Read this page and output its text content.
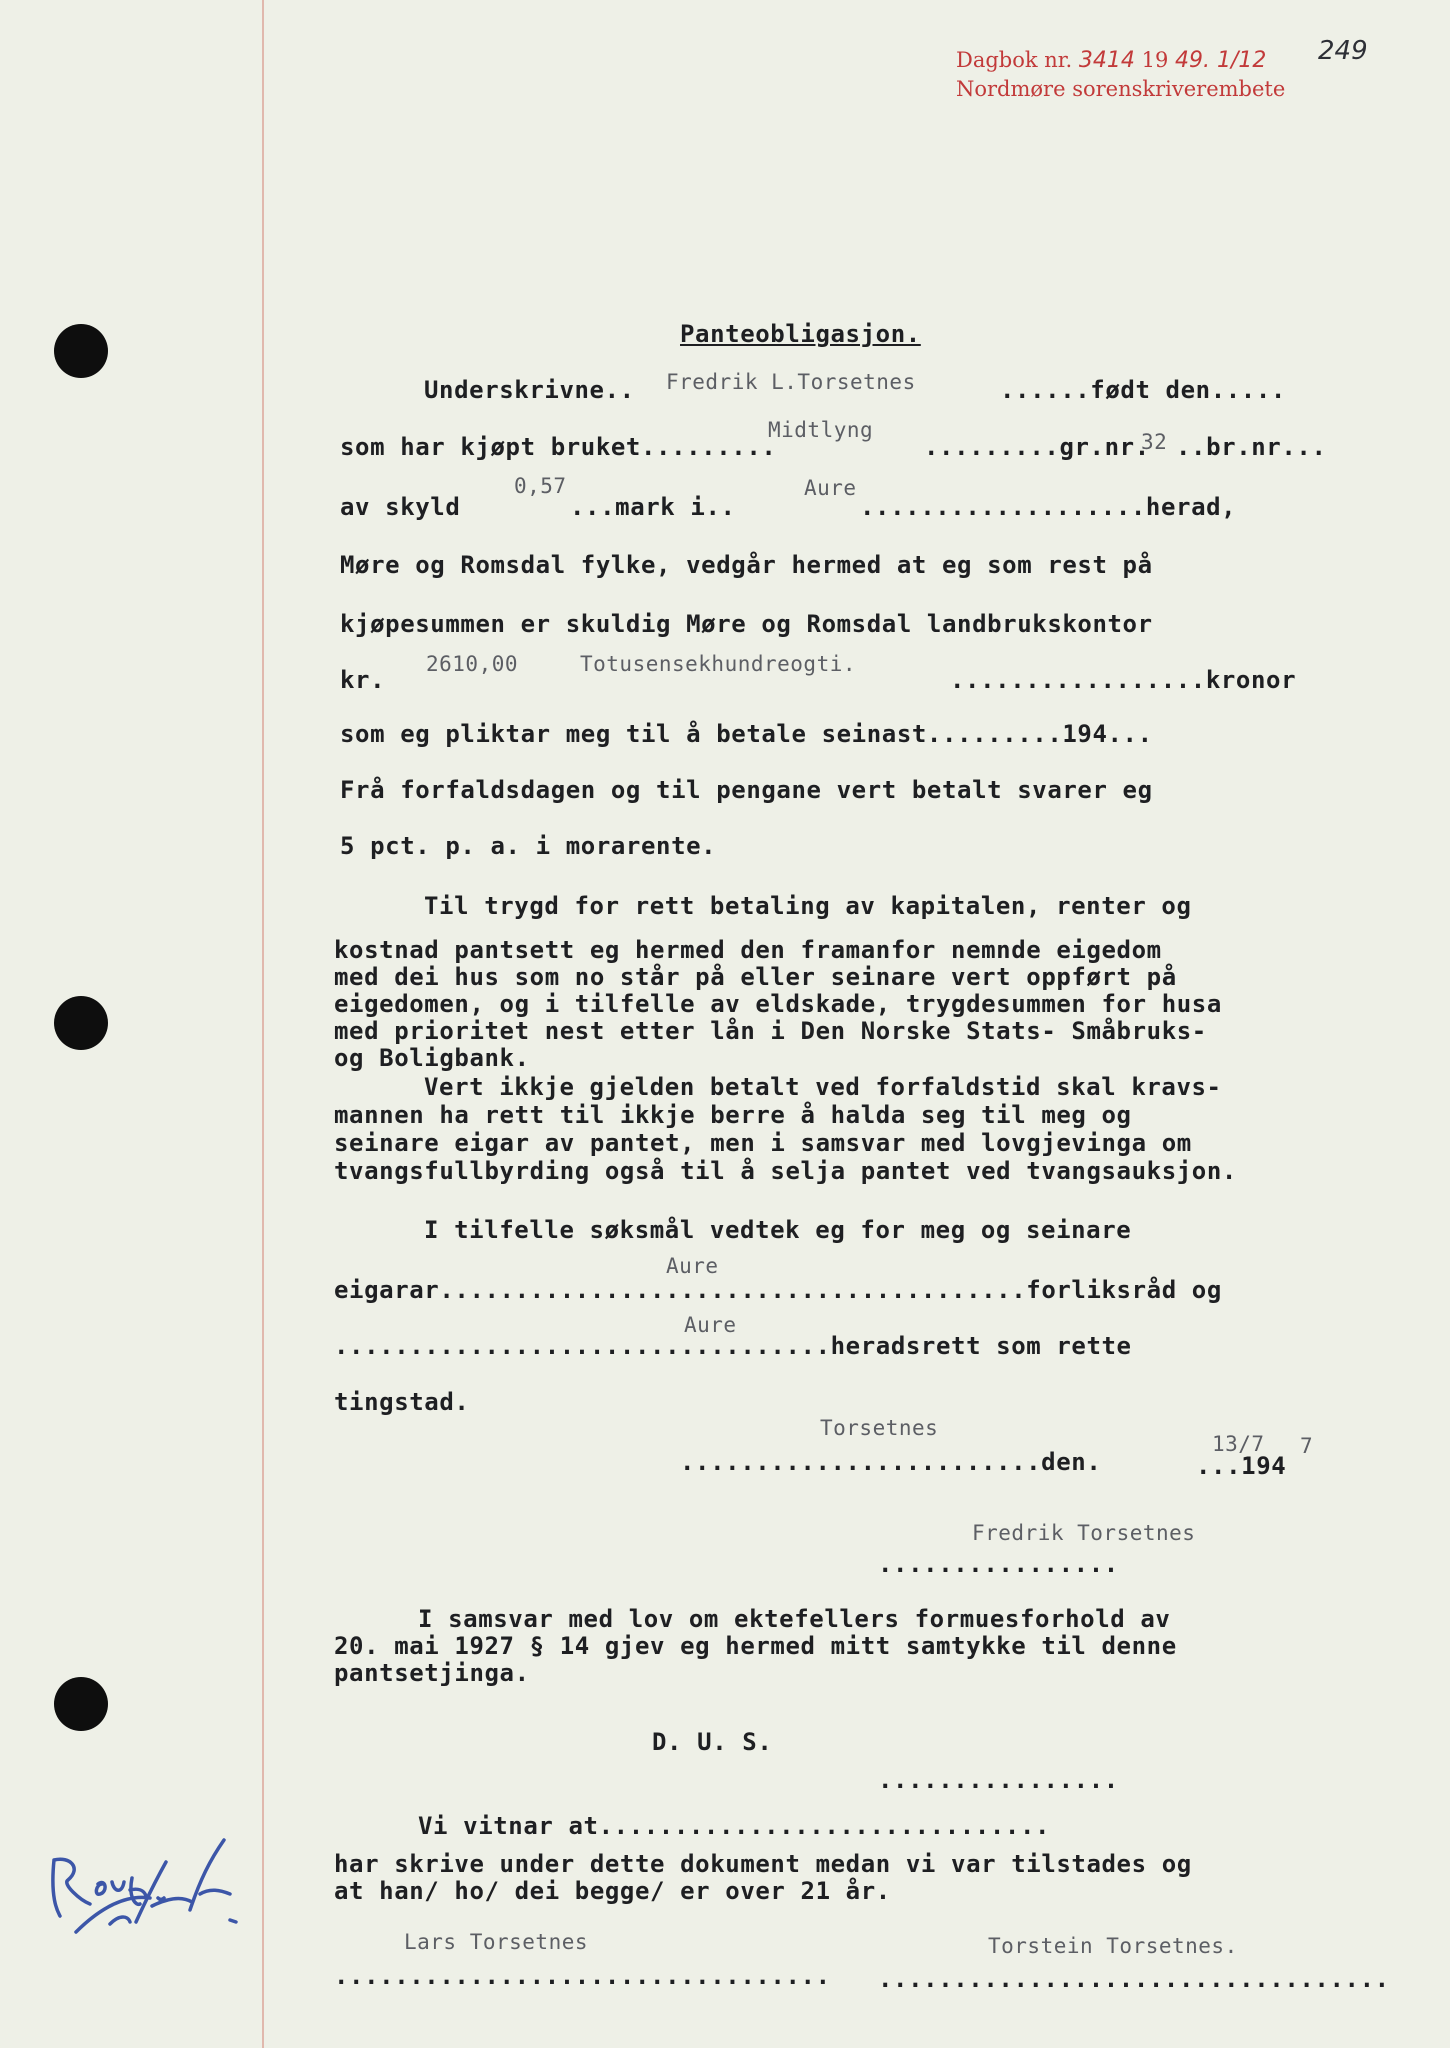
Dagbok nr. 3414 19 49. 1/12 249
Nordmøre sorenskriverembete
Panteobligasjon.
Underskrivne.. Fredrik L.Torsetnes	......født den.....
Midtlyng
som har kjøpt bruket.........	.........gr.nr.
32 ..br.nr...
av skyld
0,57
...mark i..
Aure
...................herad,
Møre og Romsdal fylke, vedgår hermed at eg som rest på
kjøpesummen er skuldig Møre og Romsdal landbrukskontor
kr.
2610,00	Totusensekhundreogti.
.................kronor
som eg pliktar meg til å betale seinast.........194...
Frå forfaldsdagen og til pengane vert betalt svarer eg
5 pct. p. a. i morarente.
Til trygd for rett betaling av kapitalen, renter og
kostnad pantsett eg hermed den framanfor nemnde eigedom
med dei hus som no står på eller seinare vert oppført på
eigedomen, og i tilfelle av eldskade, trygdesummen for husa
med prioritet nest etter lån i Den Norske Stats- Småbruks-
og Boligbank.
Vert ikkje gjelden betalt ved forfaldstid skal kravs-
mannen ha rett til ikkje berre å halda seg til meg og
seinare eigar av pantet, men i samsvar med lovgjevinga om
tvangsfullbyrding også til å selja pantet ved tvangsauksjon.
I tilfelle søksmål vedtek eg for meg og seinare
Aure
eigarar.......................................forliksråd og
Aure
.................................heradsrett som rette
tingstad.
Torsetnes
........................den.
13/7
...194
7
Fredrik Torsetnes
................
I samsvar med lov om ektefellers formuesforhold av
20. mai 1927 § 14 gjev eg hermed mitt samtykke til denne
pantsetjinga.
D. U. S.
................
Vi vitnar at..............................
har skrive under dette dokument medan vi var tilstades og
at han/ ho/ dei begge/ er over 21 år.
Lars Torsetnes	Torstein Torsetnes.
................................. ..................................
